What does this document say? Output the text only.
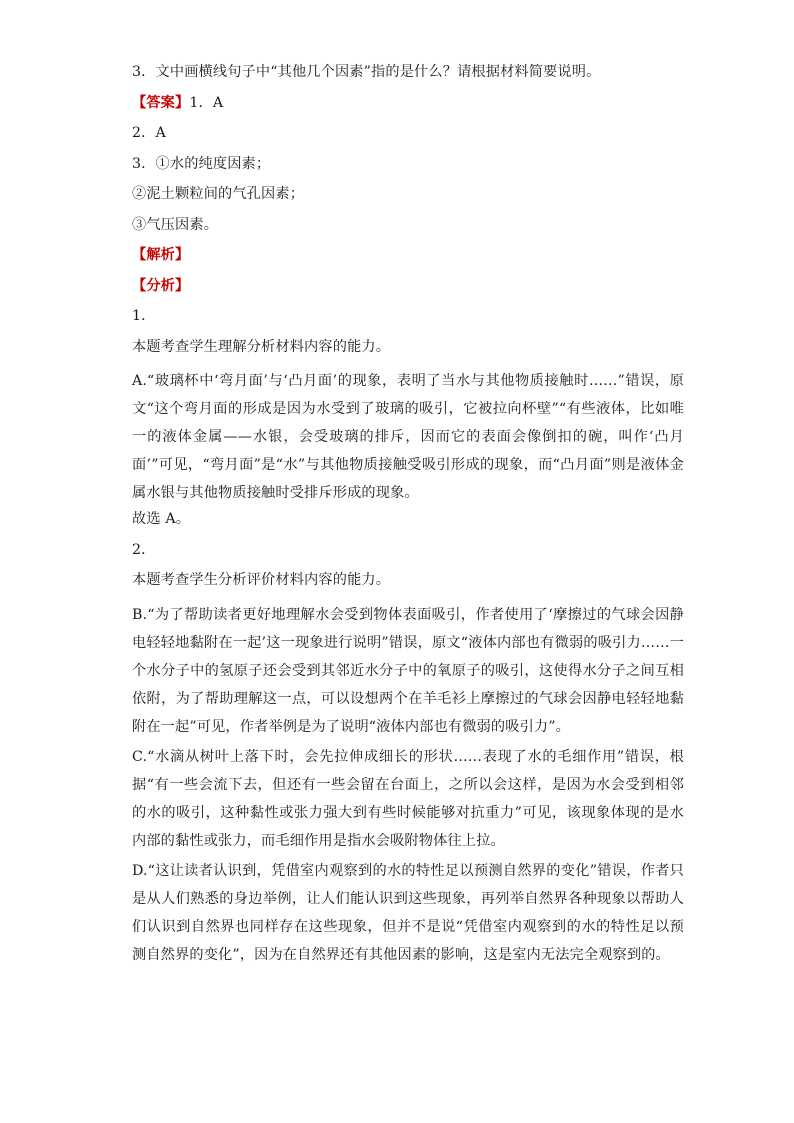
3．文中画横线句子中“其他几个因素”指的是什么？请根据材料简要说明。

【答案】1．A

2．A

3．①水的纯度因素；

②泥土颗粒间的气孔因素；

③气压因素。

【解析】

【分析】

1．

本题考查学生理解分析材料内容的能力。

A.“玻璃杯中‘弯月面’与‘凸月面’的现象，表明了当水与其他物质接触时……”错误，原文“这个弯月面的形成是因为水受到了玻璃的吸引，它被拉向杯壁”“有些液体，比如唯一的液体金属——水银，会受玻璃的排斥，因而它的表面会像倒扣的碗，叫作‘凸月面’”可见，“弯月面”是“水”与其他物质接触受吸引形成的现象，而“凸月面”则是液体金属水银与其他物质接触时受排斥形成的现象。

故选 A。

2．

本题考查学生分析评价材料内容的能力。

B.“为了帮助读者更好地理解水会受到物体表面吸引，作者使用了‘摩擦过的气球会因静电轻轻地黏附在一起’这一现象进行说明”错误，原文“液体内部也有微弱的吸引力……一个水分子中的氢原子还会受到其邻近水分子中的氧原子的吸引，这使得水分子之间互相依附，为了帮助理解这一点，可以设想两个在羊毛衫上摩擦过的气球会因静电轻轻地黏附在一起”可见，作者举例是为了说明“液体内部也有微弱的吸引力”。

C.“水滴从树叶上落下时，会先拉伸成细长的形状……表现了水的毛细作用”错误，根据“有一些会流下去，但还有一些会留在台面上，之所以会这样，是因为水会受到相邻的水的吸引，这种黏性或张力强大到有些时候能够对抗重力”可见，该现象体现的是水内部的黏性或张力，而毛细作用是指水会吸附物体往上拉。

D.“这让读者认识到，凭借室内观察到的水的特性足以预测自然界的变化”错误，作者只是从人们熟悉的身边举例，让人们能认识到这些现象，再列举自然界各种现象以帮助人们认识到自然界也同样存在这些现象，但并不是说“凭借室内观察到的水的特性足以预测自然界的变化”，因为在自然界还有其他因素的影响，这是室内无法完全观察到的。
